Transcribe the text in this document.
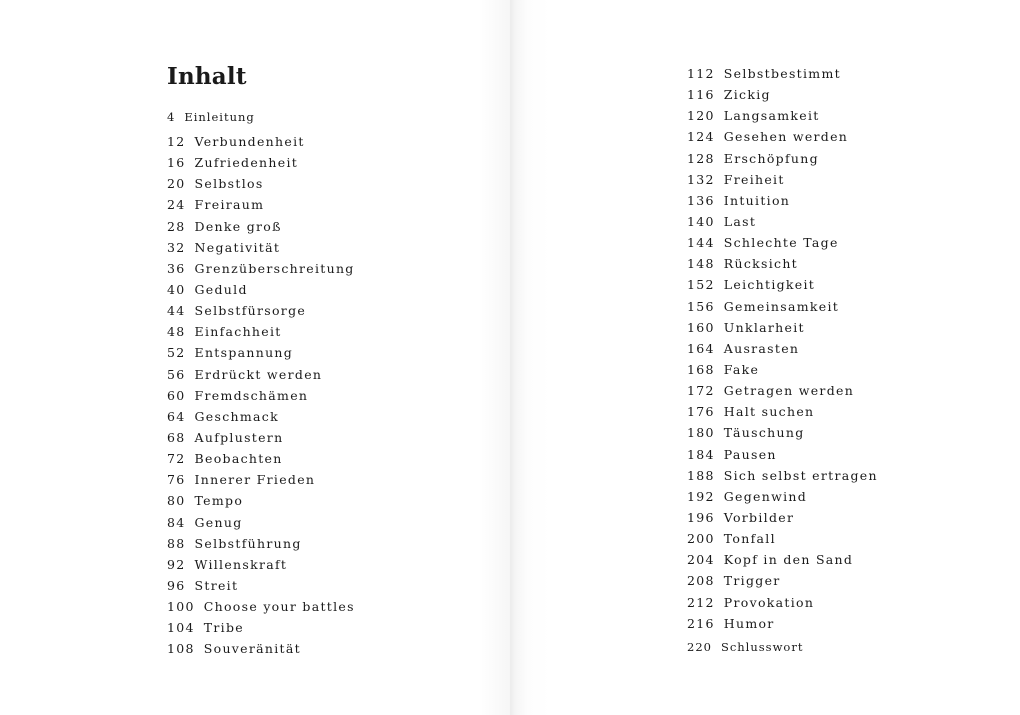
Inhalt
4 Einleitung
12 Verbundenheit
16 Zufriedenheit
20 Selbstlos
24 Freiraum
28 Denke groß
32 Negativität
36 Grenzüberschreitung
40 Geduld
44 Selbstfürsorge
48 Einfachheit
52 Entspannung
56 Erdrückt werden
60 Fremdschämen
64 Geschmack
68 Aufplustern
72 Beobachten
76 Innerer Frieden
80 Tempo
84 Genug
88 Selbstführung
92 Willenskraft
96 Streit
100 Choose your battles
104 Tribe
108 Souveränität
112 Selbstbestimmt
116 Zickig
120 Langsamkeit
124 Gesehen werden
128 Erschöpfung
132 Freiheit
136 Intuition
140 Last
144 Schlechte Tage
148 Rücksicht
152 Leichtigkeit
156 Gemeinsamkeit
160 Unklarheit
164 Ausrasten
168 Fake
172 Getragen werden
176 Halt suchen
180 Täuschung
184 Pausen
188 Sich selbst ertragen
192 Gegenwind
196 Vorbilder
200 Tonfall
204 Kopf in den Sand
208 Trigger
212 Provokation
216 Humor
220 Schlusswort
